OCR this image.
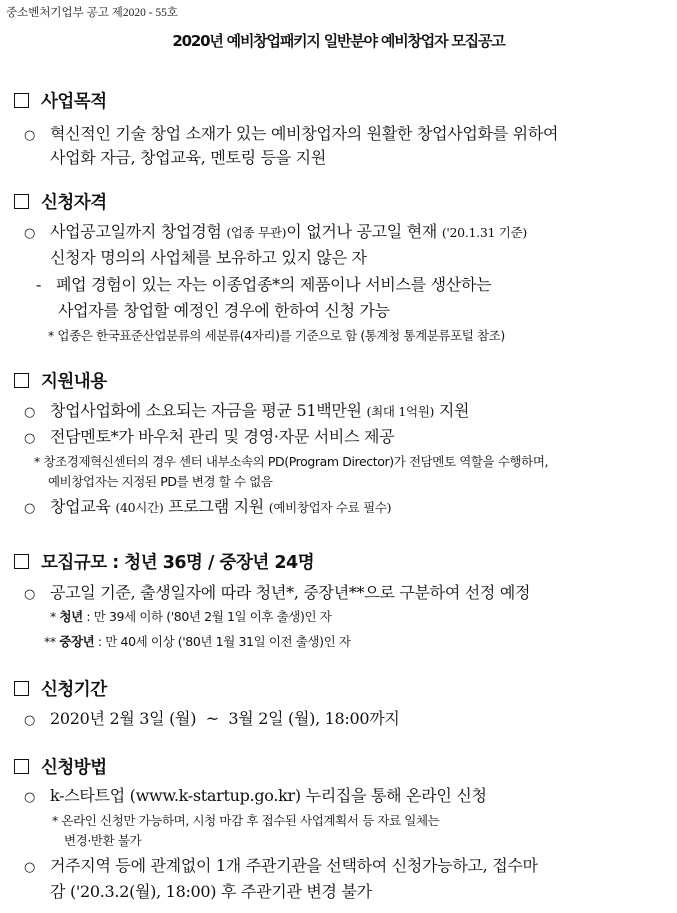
중소벤처기업부 공고 제2020 - 55호
2020년 예비창업패키지 일반분야 예비창업자 모집공고
사업목적
○ 혁신적인 기술 창업 소재가 있는 예비창업자의 원활한 창업사업화를 위하여
사업화 자금, 창업교육, 멘토링 등을 지원
신청자격
○ 사업공고일까지 창업경험 (업종 무관)이 없거나 공고일 현재 ('20.1.31 기준)
신청자 명의의 사업체를 보유하고 있지 않은 자
- 폐업 경험이 있는 자는 이종업종*의 제품이나 서비스를 생산하는
사업자를 창업할 예정인 경우에 한하여 신청 가능
* 업종은 한국표준산업분류의 세분류(4자리)를 기준으로 함 (통계청 통계분류포털 참조)
지원내용
○ 창업사업화에 소요되는 자금을 평균 51백만원 (최대 1억원) 지원
○ 전담멘토*가 바우처 관리 및 경영·자문 서비스 제공
* 창조경제혁신센터의 경우 센터 내부소속의 PD(Program Director)가 전담멘토 역할을 수행하며,
예비창업자는 지정된 PD를 변경 할 수 없음
○ 창업교육 (40시간) 프로그램 지원 (예비창업자 수료 필수)
모집규모 : 청년 36명 / 중장년 24명
○ 공고일 기준, 출생일자에 따라 청년*, 중장년**으로 구분하여 선정 예정
* 청년 : 만 39세 이하 ('80년 2월 1일 이후 출생)인 자
** 중장년 : 만 40세 이상 ('80년 1월 31일 이전 출생)인 자
신청기간
○ 2020년 2월 3일 (월)  ~  3월 2일 (월), 18:00까지
신청방법
○ k-스타트업 (www.k-startup.go.kr) 누리집을 통해 온라인 신청
* 온라인 신청만 가능하며, 시청 마감 후 접수된 사업계획서 등 자료 일체는
변경·반환 불가
○ 거주지역 등에 관계없이 1개 주관기관을 선택하여 신청가능하고, 접수마
감 ('20.3.2(월), 18:00) 후 주관기관 변경 불가
